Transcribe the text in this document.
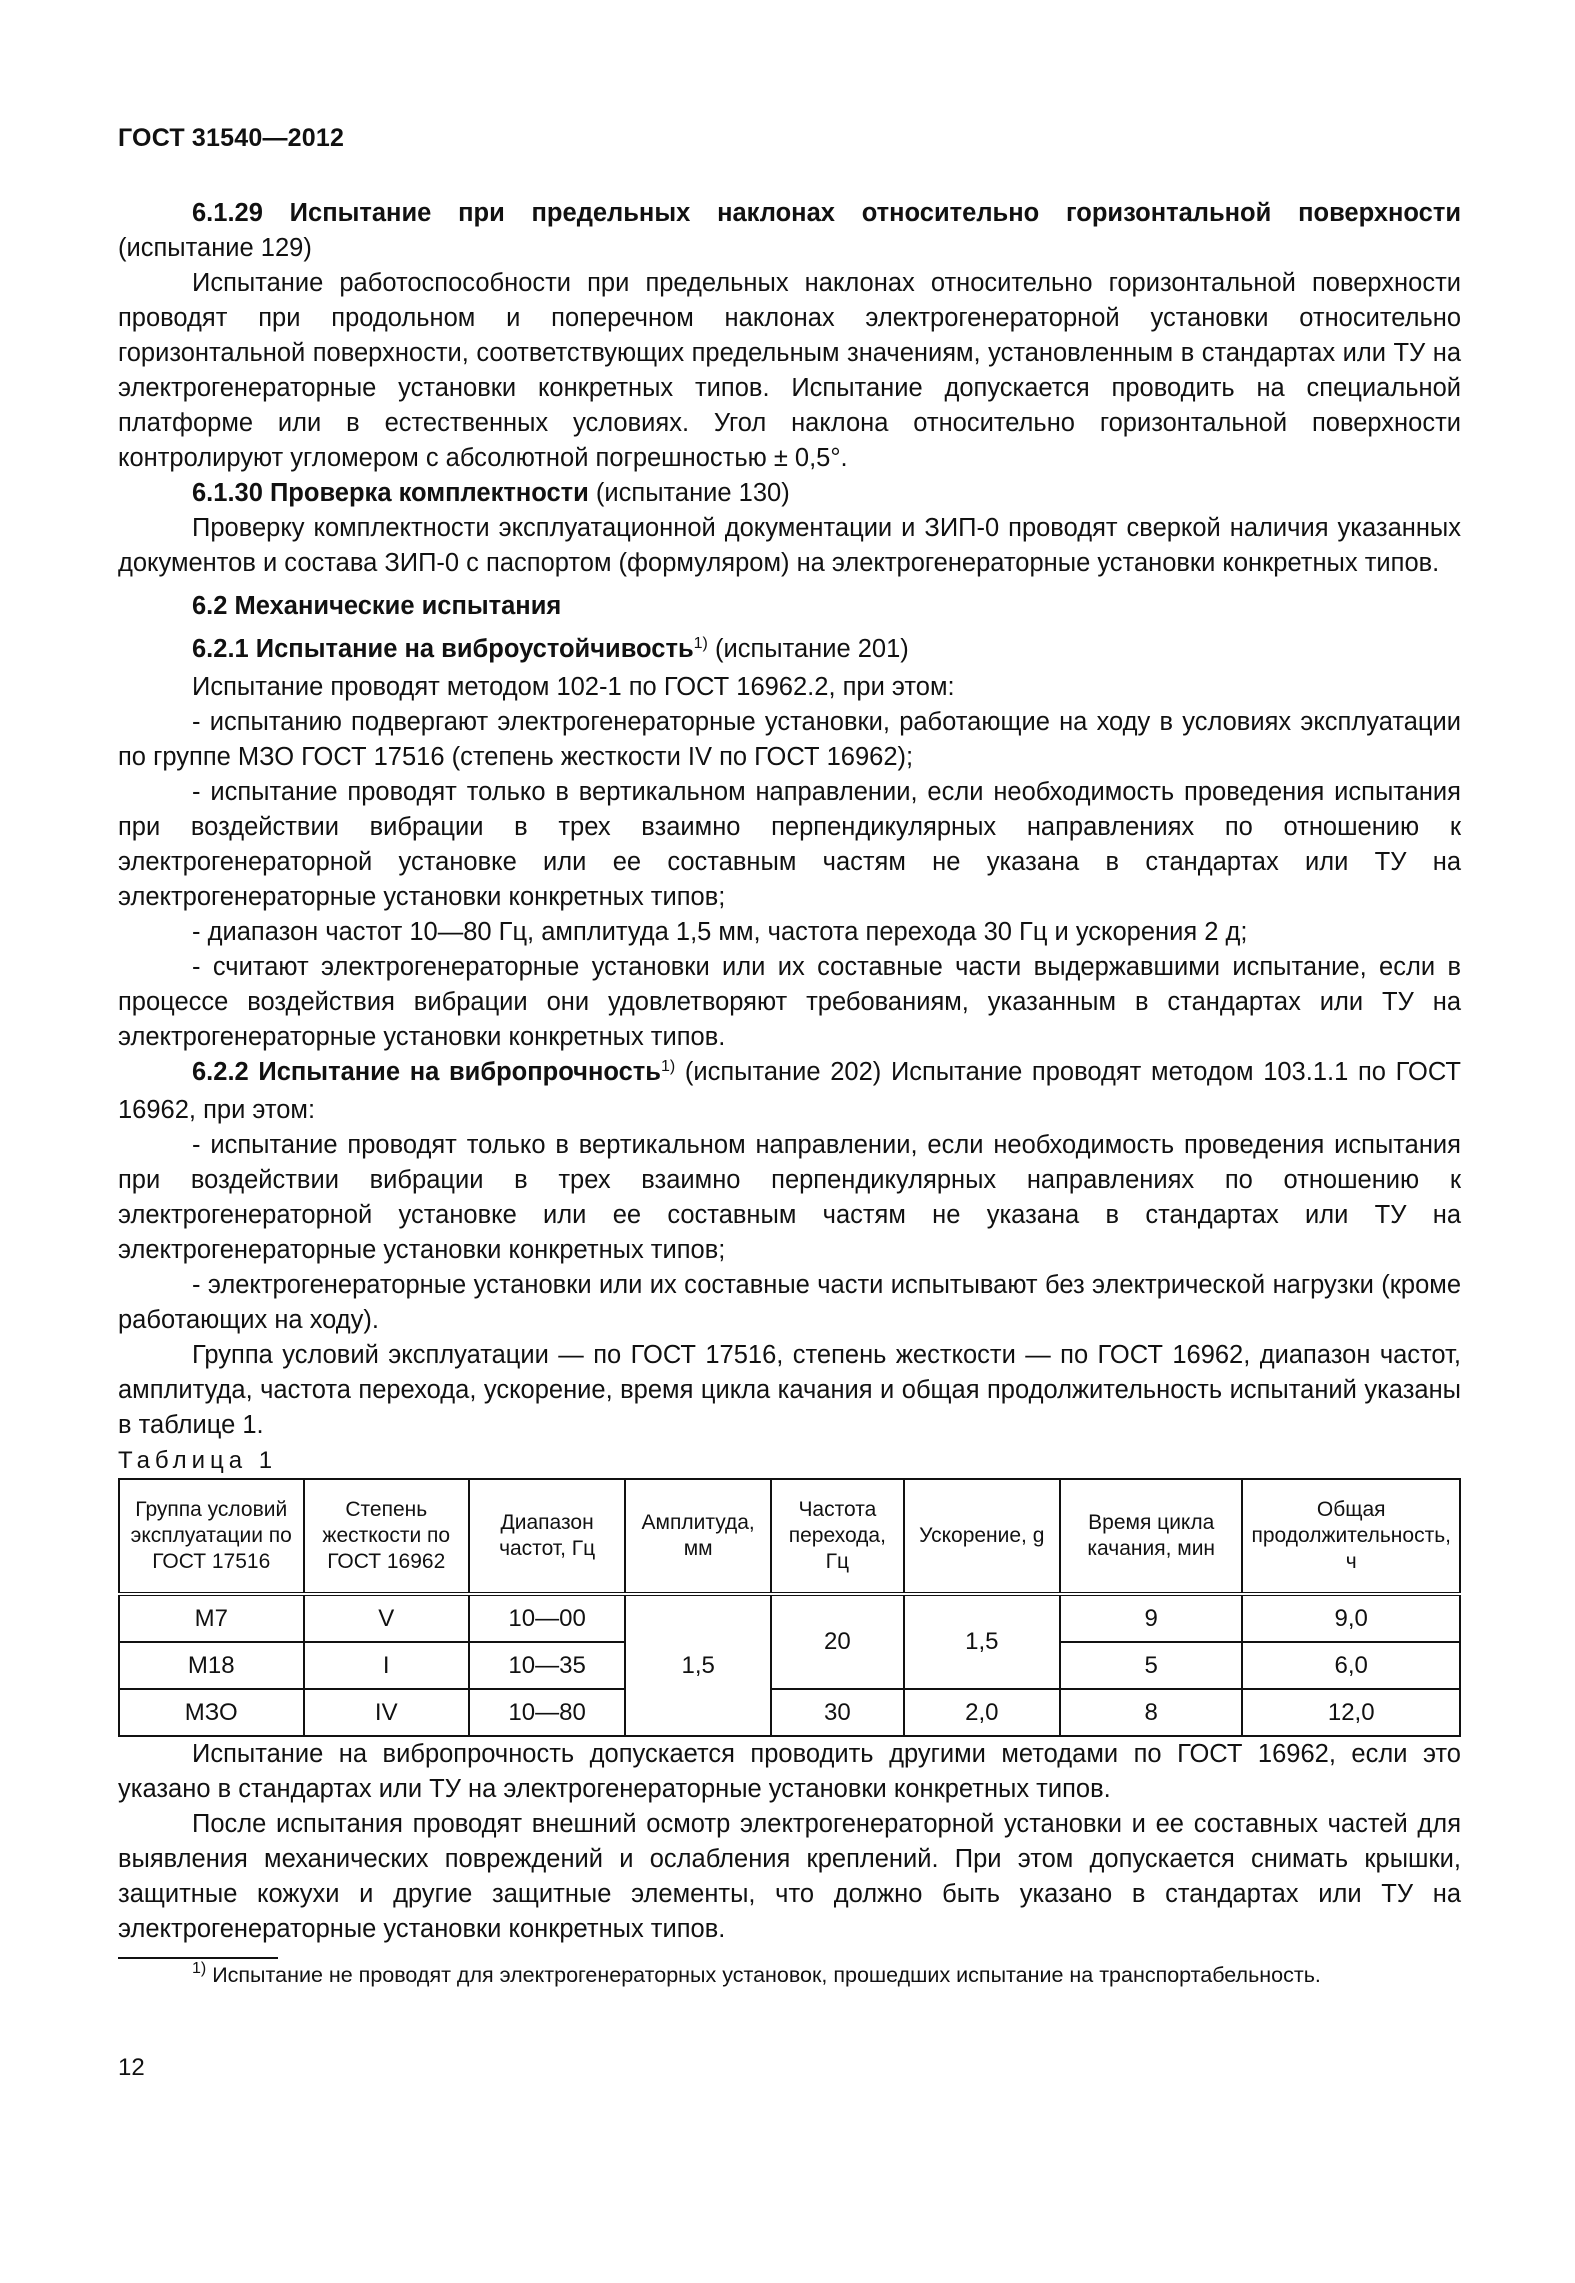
ГОСТ 31540—2012

6.1.29 Испытание при предельных наклонах относительно горизонтальной поверхности (испытание 129)

Испытание работоспособности при предельных наклонах относительно горизонтальной поверхности проводят при продольном и поперечном наклонах электрогенераторной установки относительно горизонтальной поверхности, соответствующих предельным значениям, установленным в стандартах или ТУ на электрогенераторные установки конкретных типов. Испытание допускается проводить на специальной платформе или в естественных условиях. Угол наклона относительно горизонтальной поверхности контролируют угломером с абсолютной погрешностью ± 0,5°.

6.1.30 Проверка комплектности (испытание 130)

Проверку комплектности эксплуатационной документации и ЗИП-0 проводят сверкой наличия указанных документов и состава ЗИП-0 с паспортом (формуляром) на электрогенераторные установки конкретных типов.

6.2 Механические испытания

6.2.1 Испытание на виброустойчивость$^{1)}$ (испытание 201)

Испытание проводят методом 102-1 по ГОСТ 16962.2, при этом:

- испытанию подвергают электрогенераторные установки, работающие на ходу в условиях эксплуатации по группе МЗО ГОСТ 17516 (степень жесткости IV по ГОСТ 16962);

- испытание проводят только в вертикальном направлении, если необходимость проведения испытания при воздействии вибрации в трех взаимно перпендикулярных направлениях по отношению к электрогенераторной установке или ее составным частям не указана в стандартах или ТУ на электрогенераторные установки конкретных типов;

- диапазон частот 10—80 Гц, амплитуда 1,5 мм, частота перехода 30 Гц и ускорения 2 д;

- считают электрогенераторные установки или их составные части выдержавшими испытание, если в процессе воздействия вибрации они удовлетворяют требованиям, указанным в стандартах или ТУ на электрогенераторные установки конкретных типов.

6.2.2 Испытание на вибропрочность$^{1)}$ (испытание 202) Испытание проводят методом 103.1.1 по ГОСТ 16962, при этом:

- испытание проводят только в вертикальном направлении, если необходимость проведения испытания при воздействии вибрации в трех взаимно перпендикулярных направлениях по отношению к электрогенераторной установке или ее составным частям не указана в стандартах или ТУ на электрогенераторные установки конкретных типов;

- электрогенераторные установки или их составные части испытывают без электрической нагрузки (кроме работающих на ходу).

Группа условий эксплуатации — по ГОСТ 17516, степень жесткости — по ГОСТ 16962, диапазон частот, амплитуда, частота перехода, ускорение, время цикла качания и общая продолжительность испытаний указаны в таблице 1.

Таблица 1

Группа условий эксплуатации по ГОСТ 17516	Степень жесткости по ГОСТ 16962	Диапазон частот, Гц	Амплитуда, мм	Частота перехода, Гц	Ускорение, g	Время цикла качания, мин	Общая продолжительность, ч
М7	V	10—00	1,5	20	1,5	9	9,0
М18	I	10—35				5	6,0
МЗО	IV	10—80		30	2,0	8	12,0

Испытание на вибропрочность допускается проводить другими методами по ГОСТ 16962, если это указано в стандартах или ТУ на электрогенераторные установки конкретных типов.

После испытания проводят внешний осмотр электрогенераторной установки и ее составных частей для выявления механических повреждений и ослабления креплений. При этом допускается снимать крышки, защитные кожухи и другие защитные элементы, что должно быть указано в стандартах или ТУ на электрогенераторные установки конкретных типов.

$^{1)}$ Испытание не проводят для электрогенераторных установок, прошедших испытание на транспортабельность.

12
